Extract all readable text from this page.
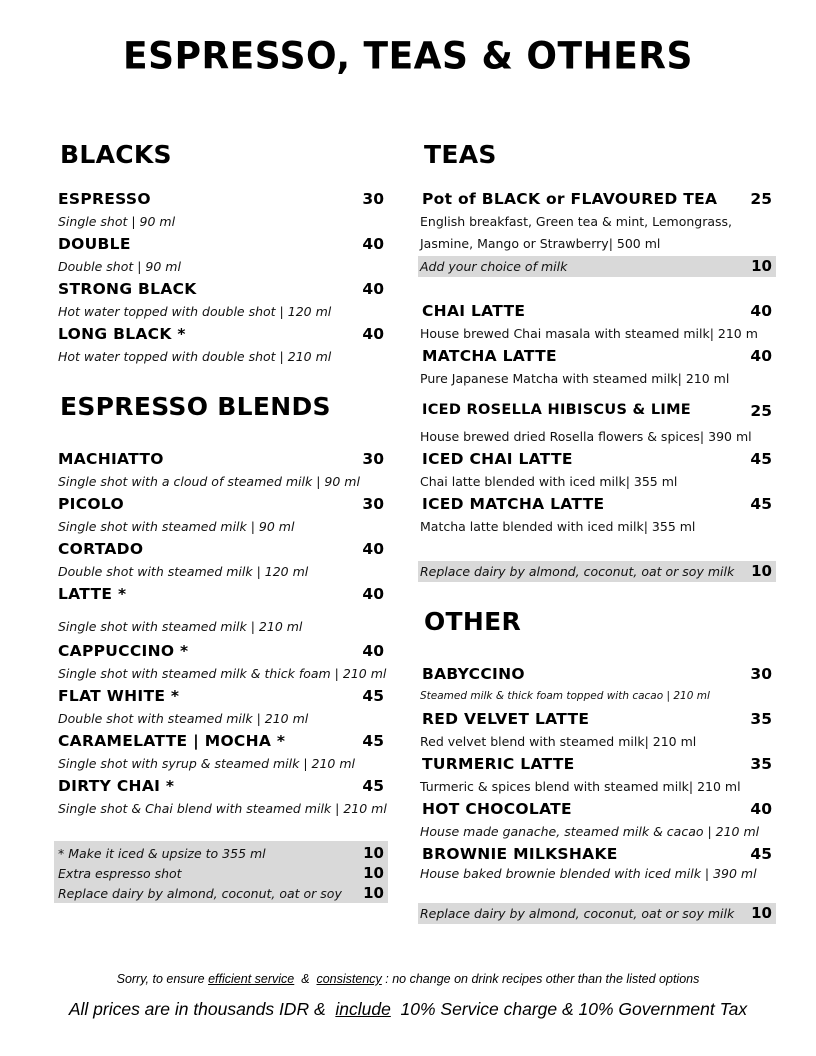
ESPRESSO, TEAS & OTHERS
BLACKS
ESPRESSO	30
Single shot | 90 ml
DOUBLE	40
Double shot | 90 ml
STRONG BLACK	40
Hot water topped with double shot | 120 ml
LONG BLACK *	40
Hot water topped with double shot | 210 ml
ESPRESSO BLENDS
MACHIATTO	30
Single shot with a cloud of steamed milk | 90 ml
PICOLO	30
Single shot with steamed milk | 90 ml
CORTADO	40
Double shot with steamed milk | 120 ml
LATTE *	40
Single shot with steamed milk | 210 ml
CAPPUCCINO *	40
Single shot with steamed milk & thick foam | 210 ml
FLAT WHITE *	45
Double shot with steamed milk | 210 ml
CARAMELATTE | MOCHA *	45
Single shot with syrup & steamed milk | 210 ml
DIRTY CHAI *	45
Single shot & Chai blend with steamed milk | 210 ml
* Make it iced & upsize to 355 ml	10
Extra espresso shot	10
Replace dairy by almond, coconut, oat or soy 10
TEAS
Pot of BLACK or FLAVOURED TEA 25
English breakfast, Green tea & mint, Lemongrass,
Jasmine, Mango or Strawberry| 500 ml
Add your choice of milk	10
CHAI LATTE	40
House brewed Chai masala with steamed milk| 210 m
MATCHA LATTE	40
Pure Japanese Matcha with steamed milk| 210 ml
ICED ROSELLA HIBISCUS & LIME	25
House brewed dried Rosella flowers & spices| 390 ml
ICED CHAI LATTE	45
Chai latte blended with iced milk| 355 ml
ICED MATCHA LATTE	45
Matcha latte blended with iced milk| 355 ml
Replace dairy by almond, coconut, oat or soy milk 10
OTHER
BABYCCINO	30
Steamed milk & thick foam topped with cacao | 210 ml
RED VELVET LATTE	35
Red velvet blend with steamed milk| 210 ml
TURMERIC LATTE	35
Turmeric & spices blend with steamed milk| 210 ml
HOT CHOCOLATE	40
House made ganache, steamed milk & cacao | 210 ml
BROWNIE MILKSHAKE	45
House baked brownie blended with iced milk | 390 ml
Replace dairy by almond, coconut, oat or soy milk 10
Sorry, to ensure efficient service  &  consistency : no change on drink recipes other than the listed options
All prices are in thousands IDR &  include  10% Service charge & 10% Government Tax
